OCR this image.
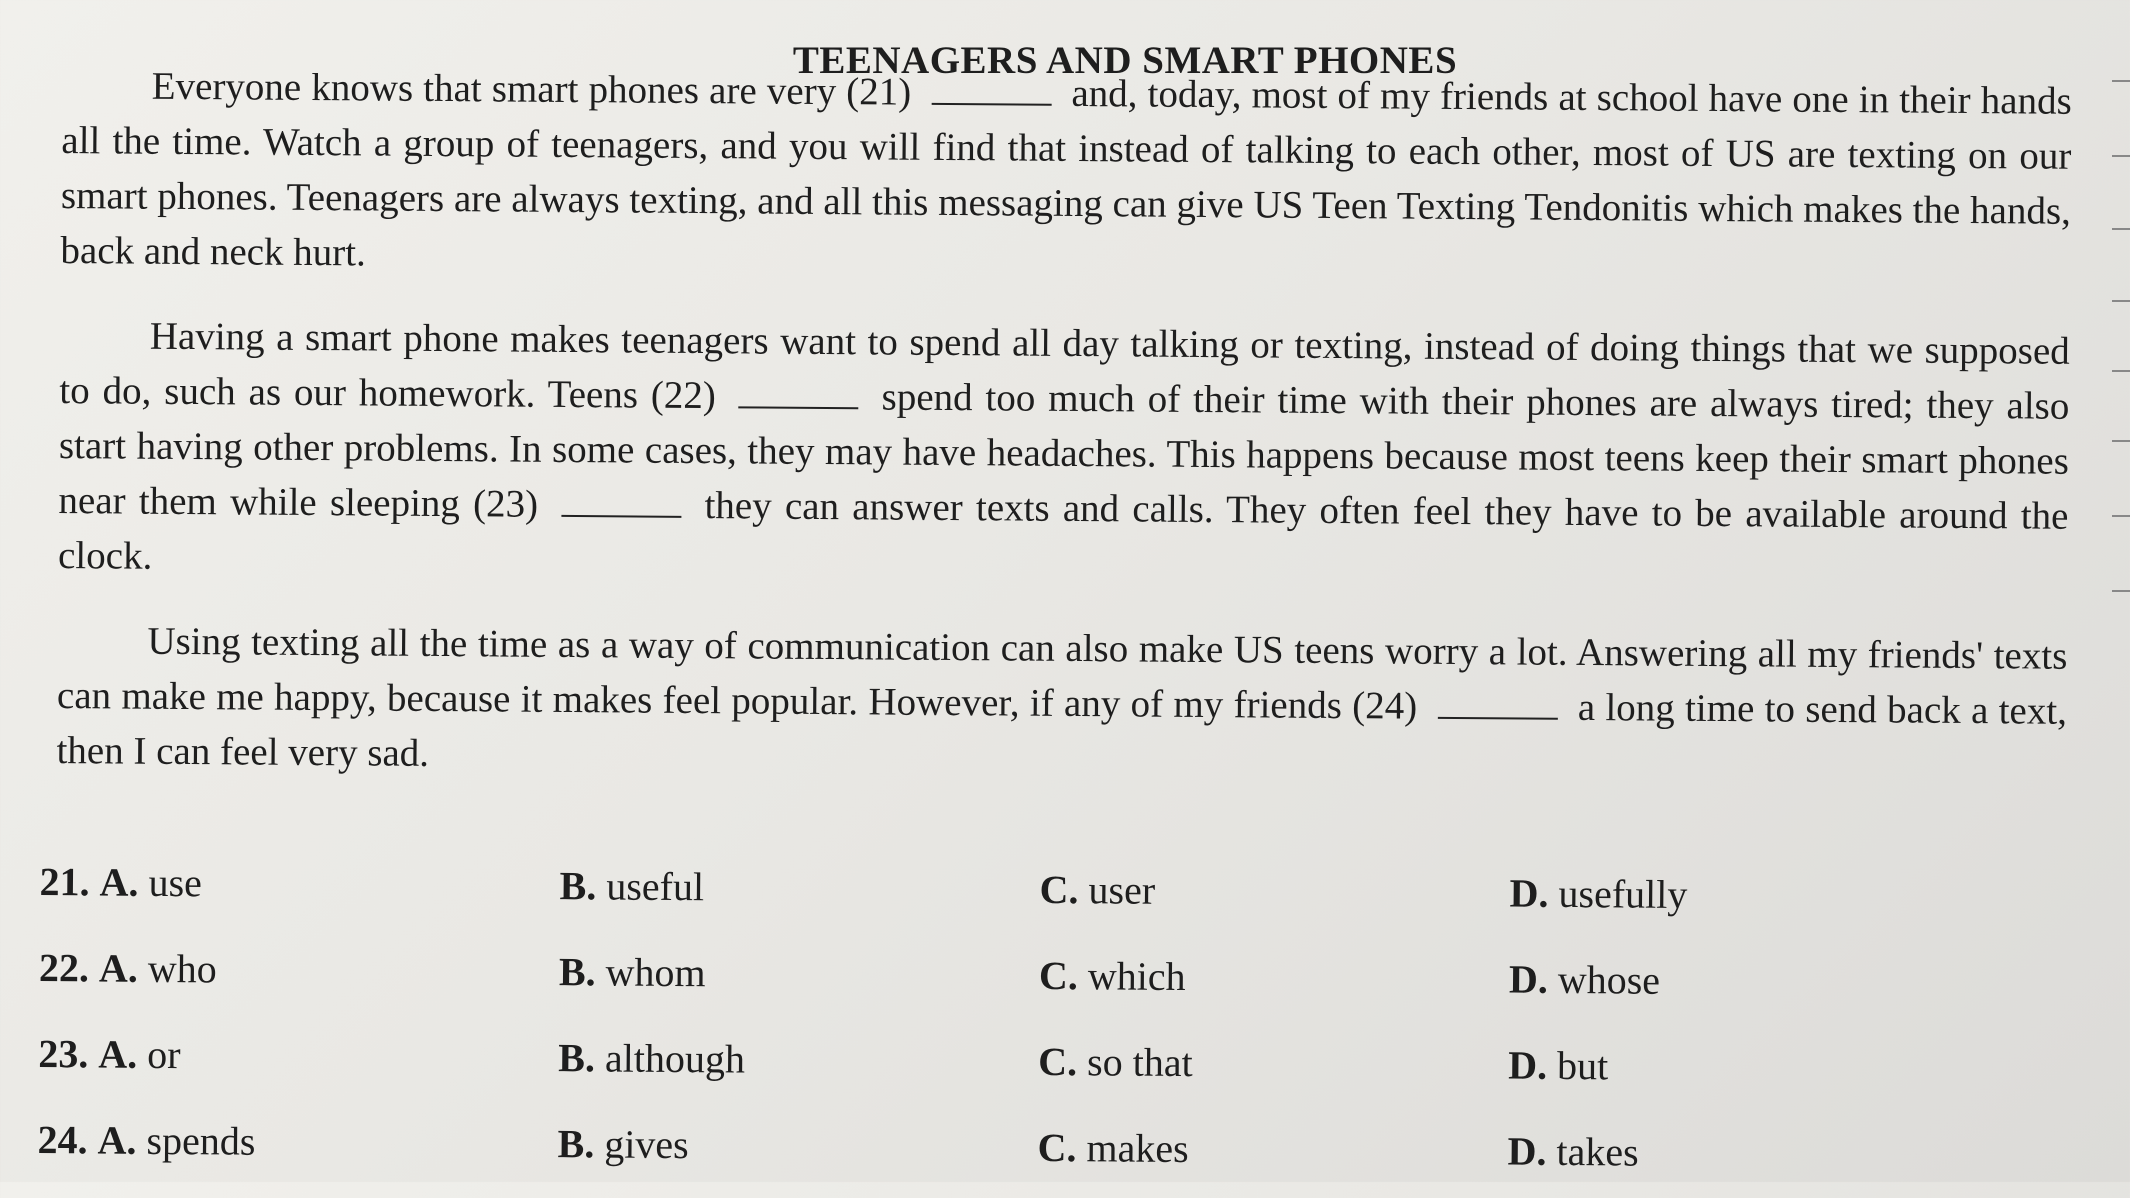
TEENAGERS AND SMART PHONES

Everyone knows that smart phones are very (21)	and, today, most of my friends at school have one in their hands all the time. Watch a group of teenagers, and you will find that instead of talking to each other, most of US are texting on our smart phones. Teenagers are always texting, and all this messaging can give US Teen Texting Tendonitis which makes the hands, back and neck hurt.

Having a smart phone makes teenagers want to spend all day talking or texting, instead of doing things that we supposed to do, such as our homework. Teens (22)	spend too much of their time with their phones are always tired; they also start having other problems. In some cases, they may have headaches. This happens because most teens keep their smart phones near them while sleeping (23)	they can answer texts and calls. They often feel they have to be available around the clock.

Using texting all the time as a way of communication can also make US teens worry a lot. Answering all my friends' texts can make me happy, because it makes feel popular. However, if any of my friends (24)	a long time to send back a text, then I can feel very sad.

21. A. use	B. useful	C. user	D. usefully
22. A. who	B. whom	C. which	D. whose
23. A. or	B. although	C. so that	D. but
24. A. spends	B. gives	C. makes	D. takes
